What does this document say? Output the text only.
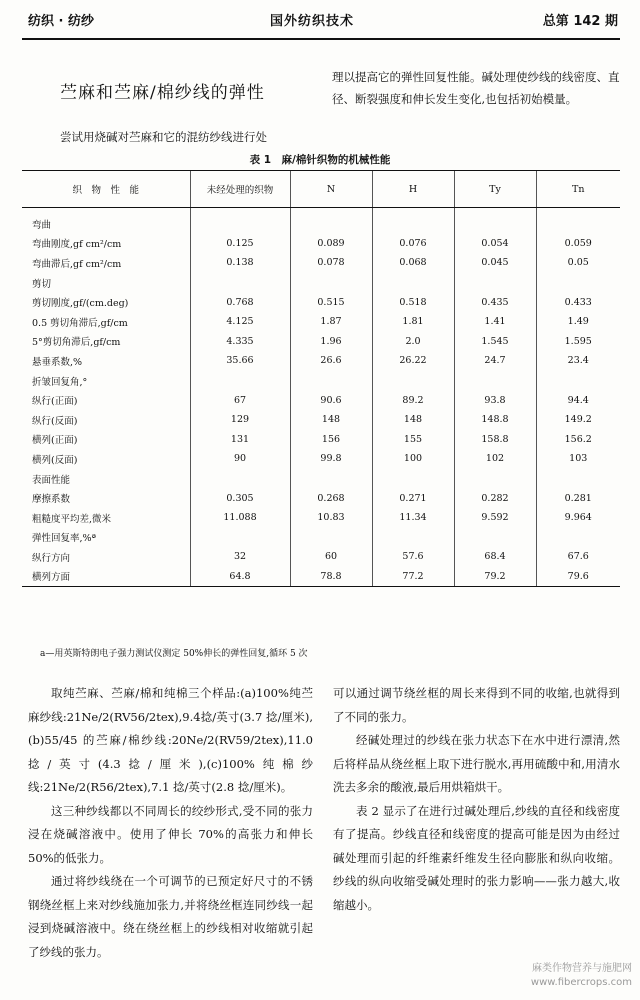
纺织 · 纺纱	国外纺织技术	总第 142 期
苎麻和苎麻/棉纱线的弹性
尝试用烧碱对苎麻和它的混纺纱线进行处
理以提高它的弹性回复性能。碱处理使纱线的线密度、直径、断裂强度和伸长发生变化,也包括初始模量。
表 1　麻/棉针织物的机械性能
织　物　性　能	未经处理的织物	N	H	Ty	Tn
弯曲					
弯曲刚度,gf cm²/cm	0.125	0.089	0.076	0.054	0.059
弯曲滞后,gf cm²/cm	0.138	0.078	0.068	0.045	0.05
剪切					
剪切刚度,gf/(cm.deg)	0.768	0.515	0.518	0.435	0.433
0.5 剪切角滞后,gf/cm	4.125	1.87	1.81	1.41	1.49
5°剪切角滞后,gf/cm	4.335	1.96	2.0	1.545	1.595
悬垂系数,%	35.66	26.6	26.22	24.7	23.4
折皱回复角,°					
纵行(正面)	67	90.6	89.2	93.8	94.4
纵行(反面)	129	148	148	148.8	149.2
横列(正面)	131	156	155	158.8	156.2
横列(反面)	90	99.8	100	102	103
表面性能					
摩擦系数	0.305	0.268	0.271	0.282	0.281
粗糙度平均差,微米	11.088	10.83	11.34	9.592	9.964
弹性回复率,%ª					
纵行方向	32	60	57.6	68.4	67.6
横列方面	64.8	78.8	77.2	79.2	79.6
a—用英斯特朗电子强力测试仪测定 50%伸长的弹性回复,循环 5 次

取纯苎麻、苎麻/棉和纯棉三个样品:(a)100%纯苎麻纱线:21Ne/2(RV56/2tex),9.4捻/英寸(3.7 捻/厘米),(b)55/45 的苎麻/棉纱线:20Ne/2(RV59/2tex),11.0 捻/英寸(4.3捻/厘米),(c)100%纯棉纱线:21Ne/2(R56/2tex),7.1 捻/英寸(2.8 捻/厘米)。

这三种纱线都以不同周长的绞纱形式,受不同的张力浸在烧碱溶液中。使用了伸长 70%的高张力和伸长 50%的低张力。

通过将纱线绕在一个可调节的已预定好尺寸的不锈钢绕丝框上来对纱线施加张力,并将绕丝框连同纱线一起浸到烧碱溶液中。绕在绕丝框上的纱线相对收缩就引起了纱线的张力。

可以通过调节绕丝框的周长来得到不同的收缩,也就得到了不同的张力。

经碱处理过的纱线在张力状态下在水中进行漂清,然后将样品从绕丝框上取下进行脱水,再用硫酸中和,用清水洗去多余的酸液,最后用烘箱烘干。

表 2 显示了在进行过碱处理后,纱线的直径和线密度有了提高。纱线直径和线密度的提高可能是因为由经过碱处理而引起的纤维素纤维发生径向膨胀和纵向收缩。纱线的纵向收缩受碱处理时的张力影响——张力越大,收缩越小。

麻类作物营养与施肥网
www.fibercrops.com
